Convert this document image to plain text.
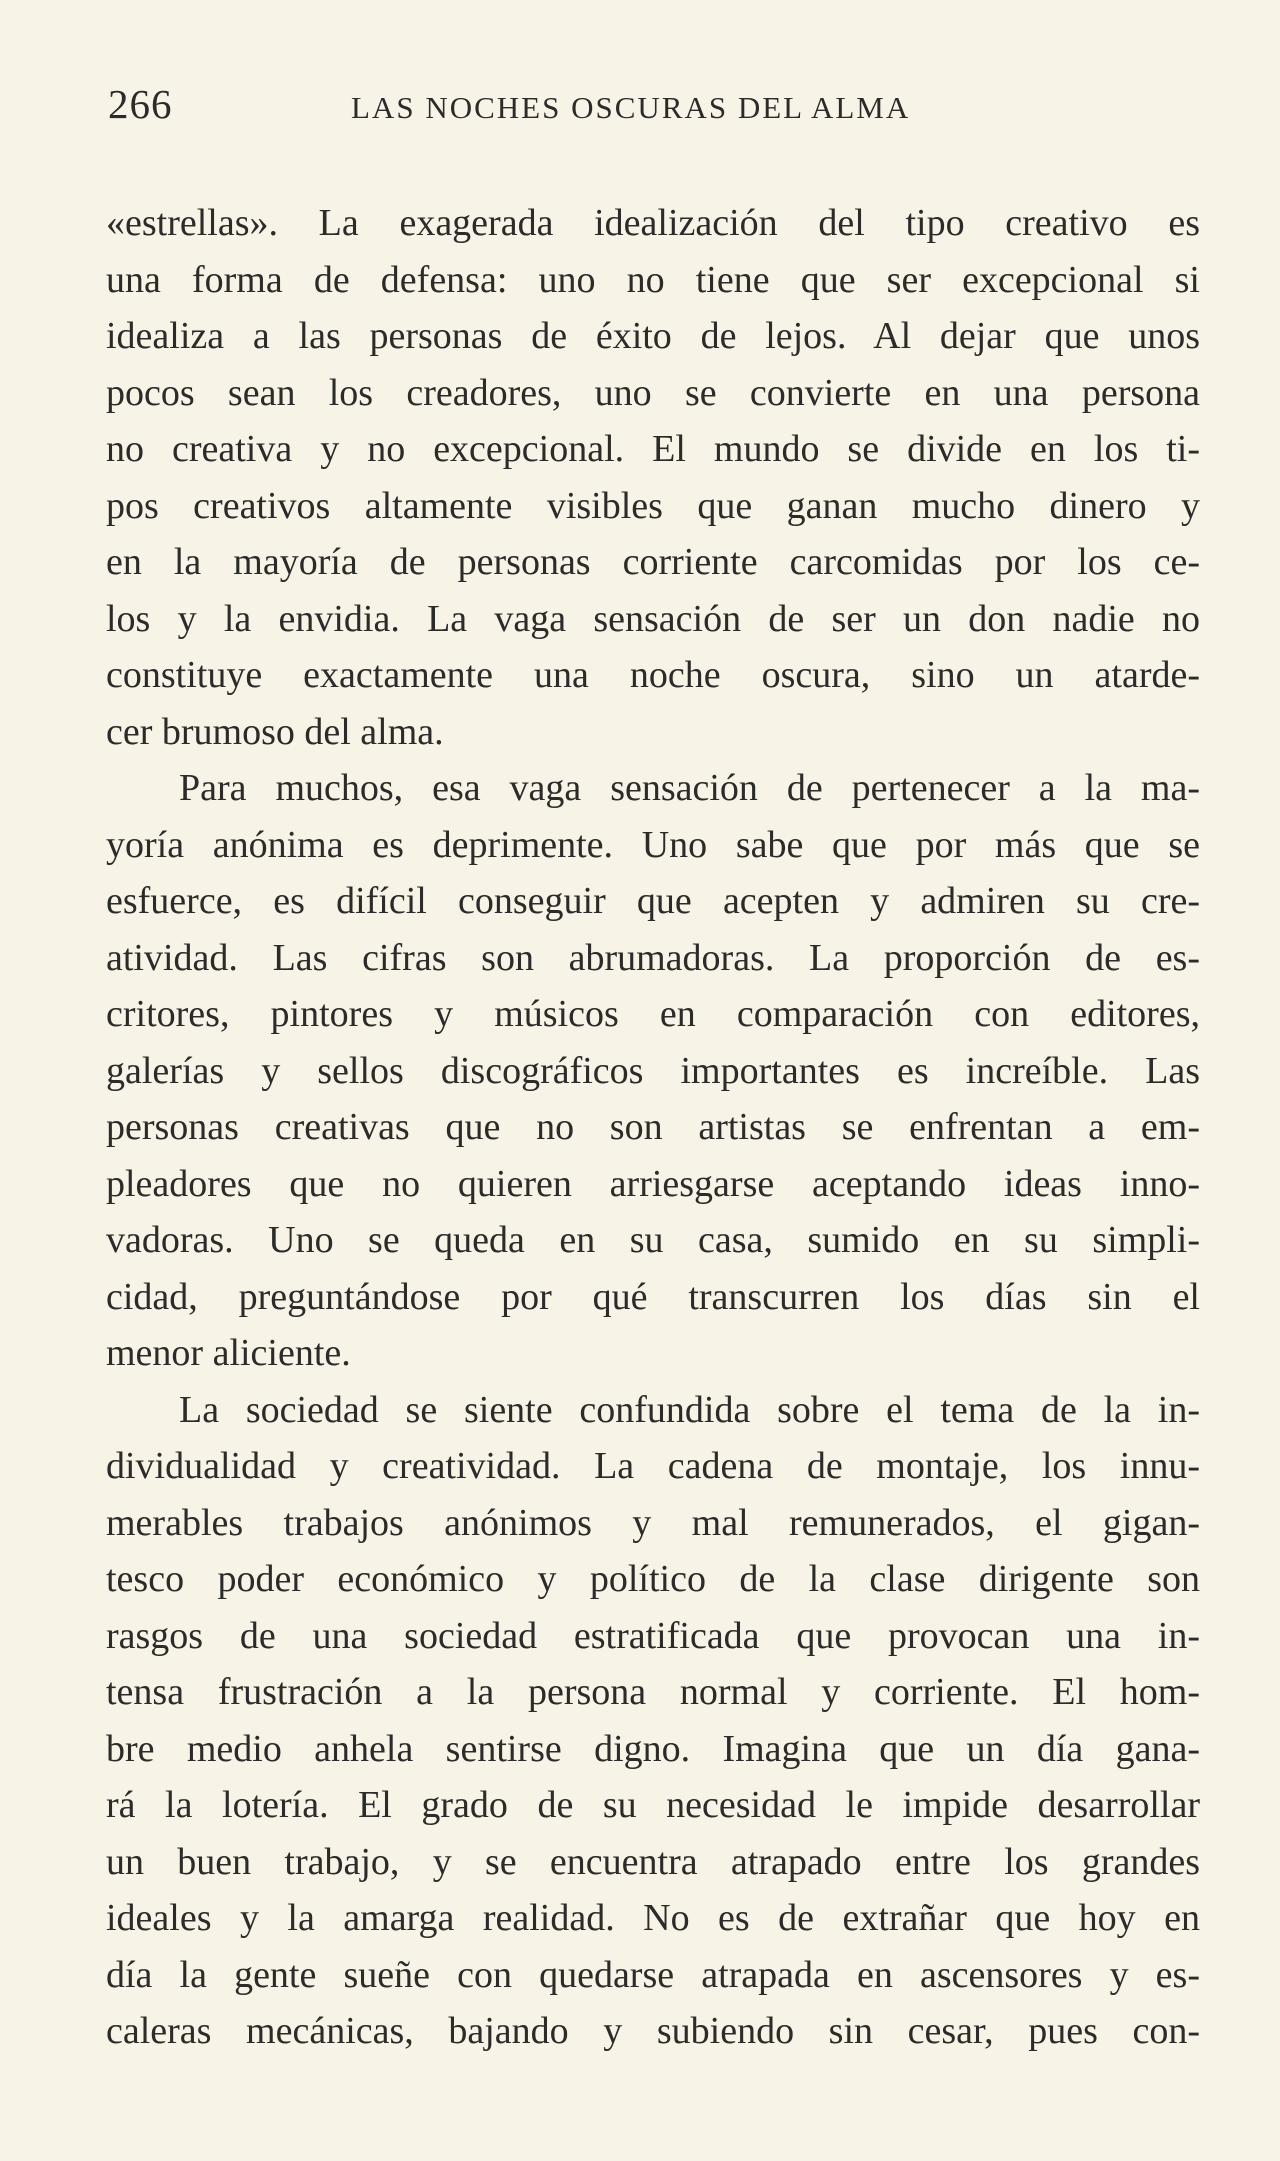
266	LAS NOCHES OSCURAS DEL ALMA
«estrellas». La exagerada idealización del tipo creativo es
una forma de defensa: uno no tiene que ser excepcional si
idealiza a las personas de éxito de lejos. Al dejar que unos
pocos sean los creadores, uno se convierte en una persona
no creativa y no excepcional. El mundo se divide en los ti-
pos creativos altamente visibles que ganan mucho dinero y
en la mayoría de personas corriente carcomidas por los ce-
los y la envidia. La vaga sensación de ser un don nadie no
constituye exactamente una noche oscura, sino un atarde-
cer brumoso del alma.
Para muchos, esa vaga sensación de pertenecer a la ma-
yoría anónima es deprimente. Uno sabe que por más que se
esfuerce, es difícil conseguir que acepten y admiren su cre-
atividad. Las cifras son abrumadoras. La proporción de es-
critores, pintores y músicos en comparación con editores,
galerías y sellos discográficos importantes es increíble. Las
personas creativas que no son artistas se enfrentan a em-
pleadores que no quieren arriesgarse aceptando ideas inno-
vadoras. Uno se queda en su casa, sumido en su simpli-
cidad, preguntándose por qué transcurren los días sin el
menor aliciente.
La sociedad se siente confundida sobre el tema de la in-
dividualidad y creatividad. La cadena de montaje, los innu-
merables trabajos anónimos y mal remunerados, el gigan-
tesco poder económico y político de la clase dirigente son
rasgos de una sociedad estratificada que provocan una in-
tensa frustración a la persona normal y corriente. El hom-
bre medio anhela sentirse digno. Imagina que un día gana-
rá la lotería. El grado de su necesidad le impide desarrollar
un buen trabajo, y se encuentra atrapado entre los grandes
ideales y la amarga realidad. No es de extrañar que hoy en
día la gente sueñe con quedarse atrapada en ascensores y es-
caleras mecánicas, bajando y subiendo sin cesar, pues con-
